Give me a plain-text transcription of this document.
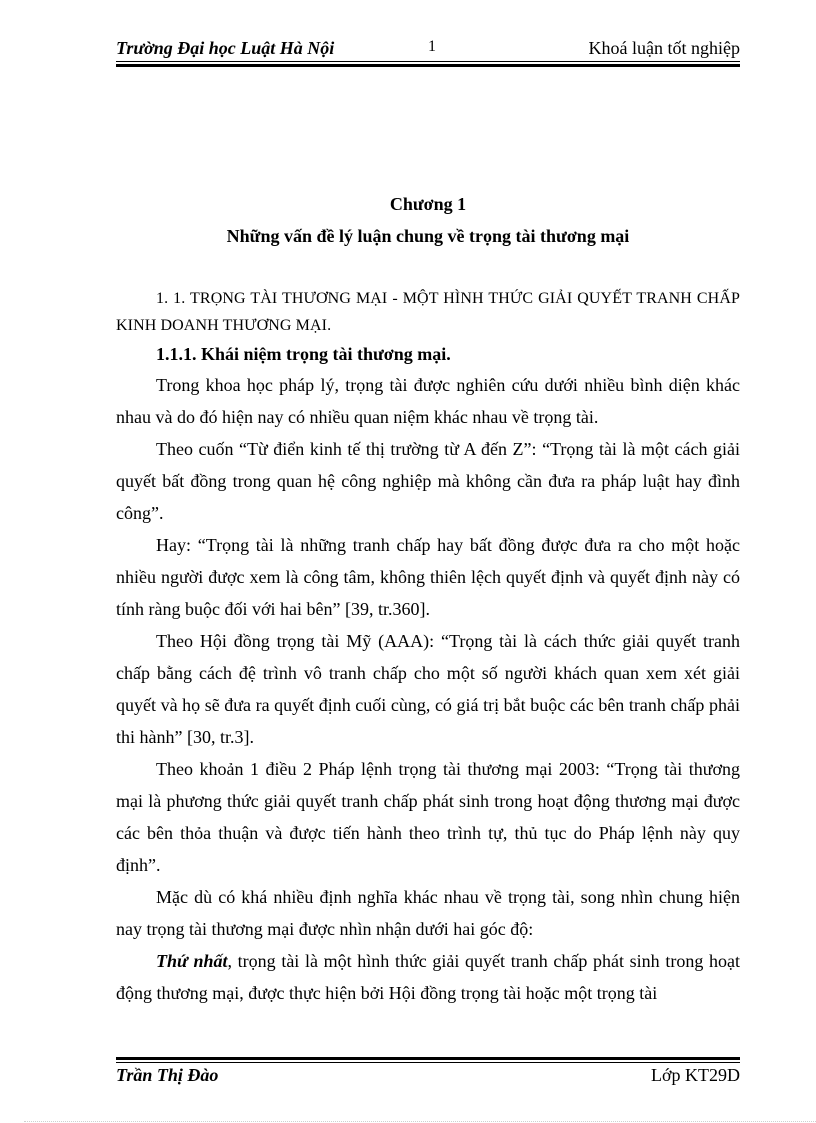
Trường Đại học Luật Hà Nội	1	Khoá luận tốt nghiệp
Chương 1
Những vấn đề lý luận chung về trọng tài thương mại

1. 1. TRỌNG TÀI THƯƠNG MẠI - MỘT HÌNH THỨC GIẢI QUYẾT TRANH CHẤP KINH DOANH THƯƠNG MẠI.

1.1.1. Khái niệm trọng tài thương mại.

Trong khoa học pháp lý, trọng tài được nghiên cứu dưới nhiều bình diện khác nhau và do đó hiện nay có nhiều quan niệm khác nhau về trọng tài.

Theo cuốn “Từ điển kinh tế thị trường từ A đến Z”: “Trọng tài là một cách giải quyết bất đồng trong quan hệ công nghiệp mà không cần đưa ra pháp luật hay đình công”.

Hay: “Trọng tài là những tranh chấp hay bất đồng được đưa ra cho một hoặc nhiều người được xem là công tâm, không thiên lệch quyết định và quyết định này có tính ràng buộc đối với hai bên” [39, tr.360].

Theo Hội đồng trọng tài Mỹ (AAA): “Trọng tài là cách thức giải quyết tranh chấp bằng cách đệ trình vô tranh chấp cho một số người khách quan xem xét giải quyết và họ sẽ đưa ra quyết định cuối cùng, có giá trị bắt buộc các bên tranh chấp phải thi hành” [30, tr.3].

Theo khoản 1 điều 2 Pháp lệnh trọng tài thương mại 2003: “Trọng tài thương mại là phương thức giải quyết tranh chấp phát sinh trong hoạt động thương mại được các bên thỏa thuận và được tiến hành theo trình tự, thủ tục do Pháp lệnh này quy định”.

Mặc dù có khá nhiều định nghĩa khác nhau về trọng tài, song nhìn chung hiện nay trọng tài thương mại được nhìn nhận dưới hai góc độ:

Thứ nhất, trọng tài là một hình thức giải quyết tranh chấp phát sinh trong hoạt động thương mại, được thực hiện bởi Hội đồng trọng tài hoặc một trọng tài

Trần Thị Đào	Lớp KT29D
